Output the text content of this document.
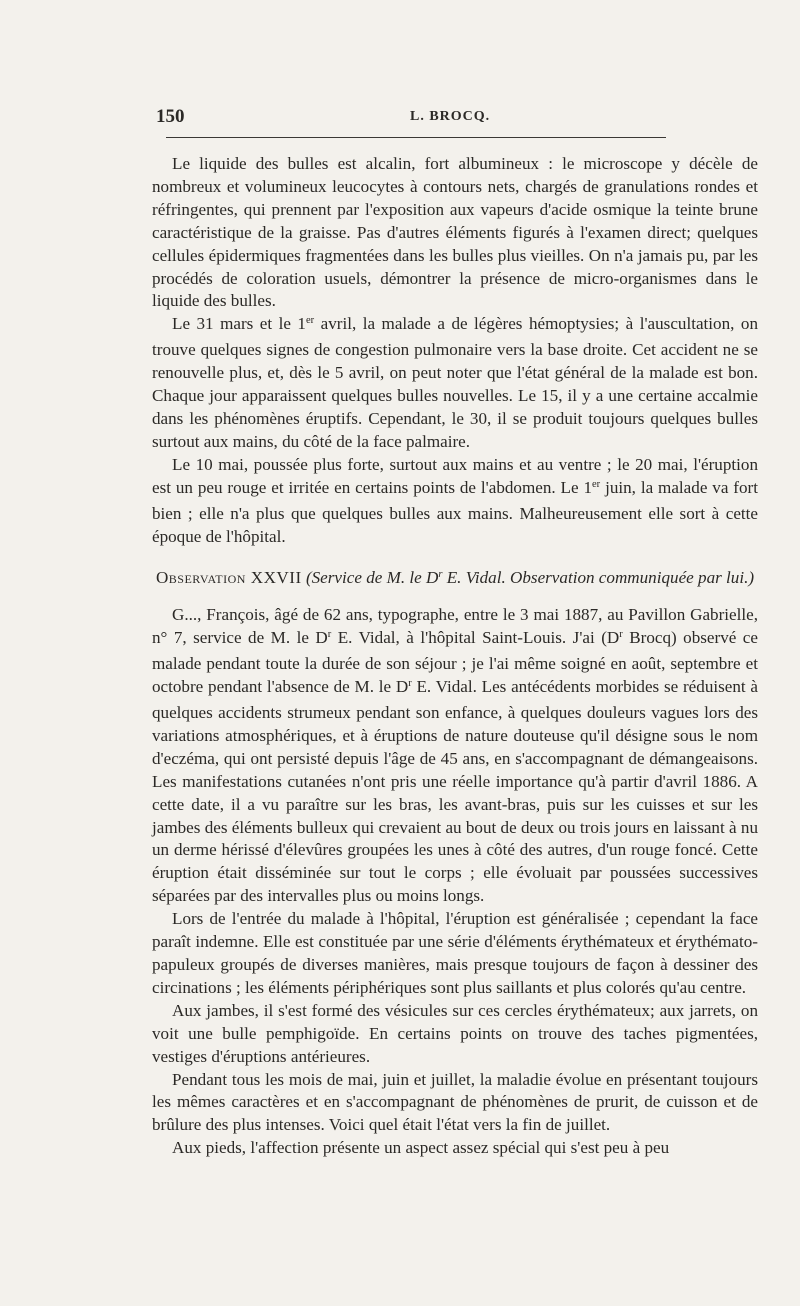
150	L. BROCQ.

Le liquide des bulles est alcalin, fort albumineux : le microscope y décèle de nombreux et volumineux leucocytes à contours nets, chargés de granulations rondes et réfringentes, qui prennent par l'exposition aux vapeurs d'acide osmique la teinte brune caractéristique de la graisse. Pas d'autres éléments figurés à l'examen direct; quelques cellules épidermiques fragmentées dans les bulles plus vieilles. On n'a jamais pu, par les procédés de coloration usuels, démontrer la présence de micro-organismes dans le liquide des bulles.

Le 31 mars et le 1er avril, la malade a de légères hémoptysies; à l'auscultation, on trouve quelques signes de congestion pulmonaire vers la base droite. Cet accident ne se renouvelle plus, et, dès le 5 avril, on peut noter que l'état général de la malade est bon. Chaque jour apparaissent quelques bulles nouvelles. Le 15, il y a une certaine accalmie dans les phénomènes éruptifs. Cependant, le 30, il se produit toujours quelques bulles surtout aux mains, du côté de la face palmaire.

Le 10 mai, poussée plus forte, surtout aux mains et au ventre ; le 20 mai, l'éruption est un peu rouge et irritée en certains points de l'abdomen. Le 1er juin, la malade va fort bien ; elle n'a plus que quelques bulles aux mains. Malheureusement elle sort à cette époque de l'hôpital.

Observation XXVII (Service de M. le $D^r$ E. Vidal. Observation communiquée par lui.)

G..., François, âgé de 62 ans, typographe, entre le 3 mai 1887, au Pavillon Gabrielle, n° 7, service de M. le $D^r$ E. Vidal, à l'hôpital Saint-Louis. J'ai ($D^r$ Brocq) observé ce malade pendant toute la durée de son séjour ; je l'ai même soigné en août, septembre et octobre pendant l'absence de M. le $D^r$ E. Vidal. Les antécédents morbides se réduisent à quelques accidents strumeux pendant son enfance, à quelques douleurs vagues lors des variations atmosphériques, et à éruptions de nature douteuse qu'il désigne sous le nom d'eczéma, qui ont persisté depuis l'âge de 45 ans, en s'accompagnant de démangeaisons. Les manifestations cutanées n'ont pris une réelle importance qu'à partir d'avril 1886. A cette date, il a vu paraître sur les bras, les avant-bras, puis sur les cuisses et sur les jambes des éléments bulleux qui crevaient au bout de deux ou trois jours en laissant à nu un derme hérissé d'élevûres groupées les unes à côté des autres, d'un rouge foncé. Cette éruption était disséminée sur tout le corps ; elle évoluait par poussées successives séparées par des intervalles plus ou moins longs.

Lors de l'entrée du malade à l'hôpital, l'éruption est généralisée ; cependant la face paraît indemne. Elle est constituée par une série d'éléments érythémateux et érythémato-papuleux groupés de diverses manières, mais presque toujours de façon à dessiner des circinations ; les éléments périphériques sont plus saillants et plus colorés qu'au centre.

Aux jambes, il s'est formé des vésicules sur ces cercles érythémateux; aux jarrets, on voit une bulle pemphigoïde. En certains points on trouve des taches pigmentées, vestiges d'éruptions antérieures.

Pendant tous les mois de mai, juin et juillet, la maladie évolue en présentant toujours les mêmes caractères et en s'accompagnant de phénomènes de prurit, de cuisson et de brûlure des plus intenses. Voici quel était l'état vers la fin de juillet.

Aux pieds, l'affection présente un aspect assez spécial qui s'est peu à peu
